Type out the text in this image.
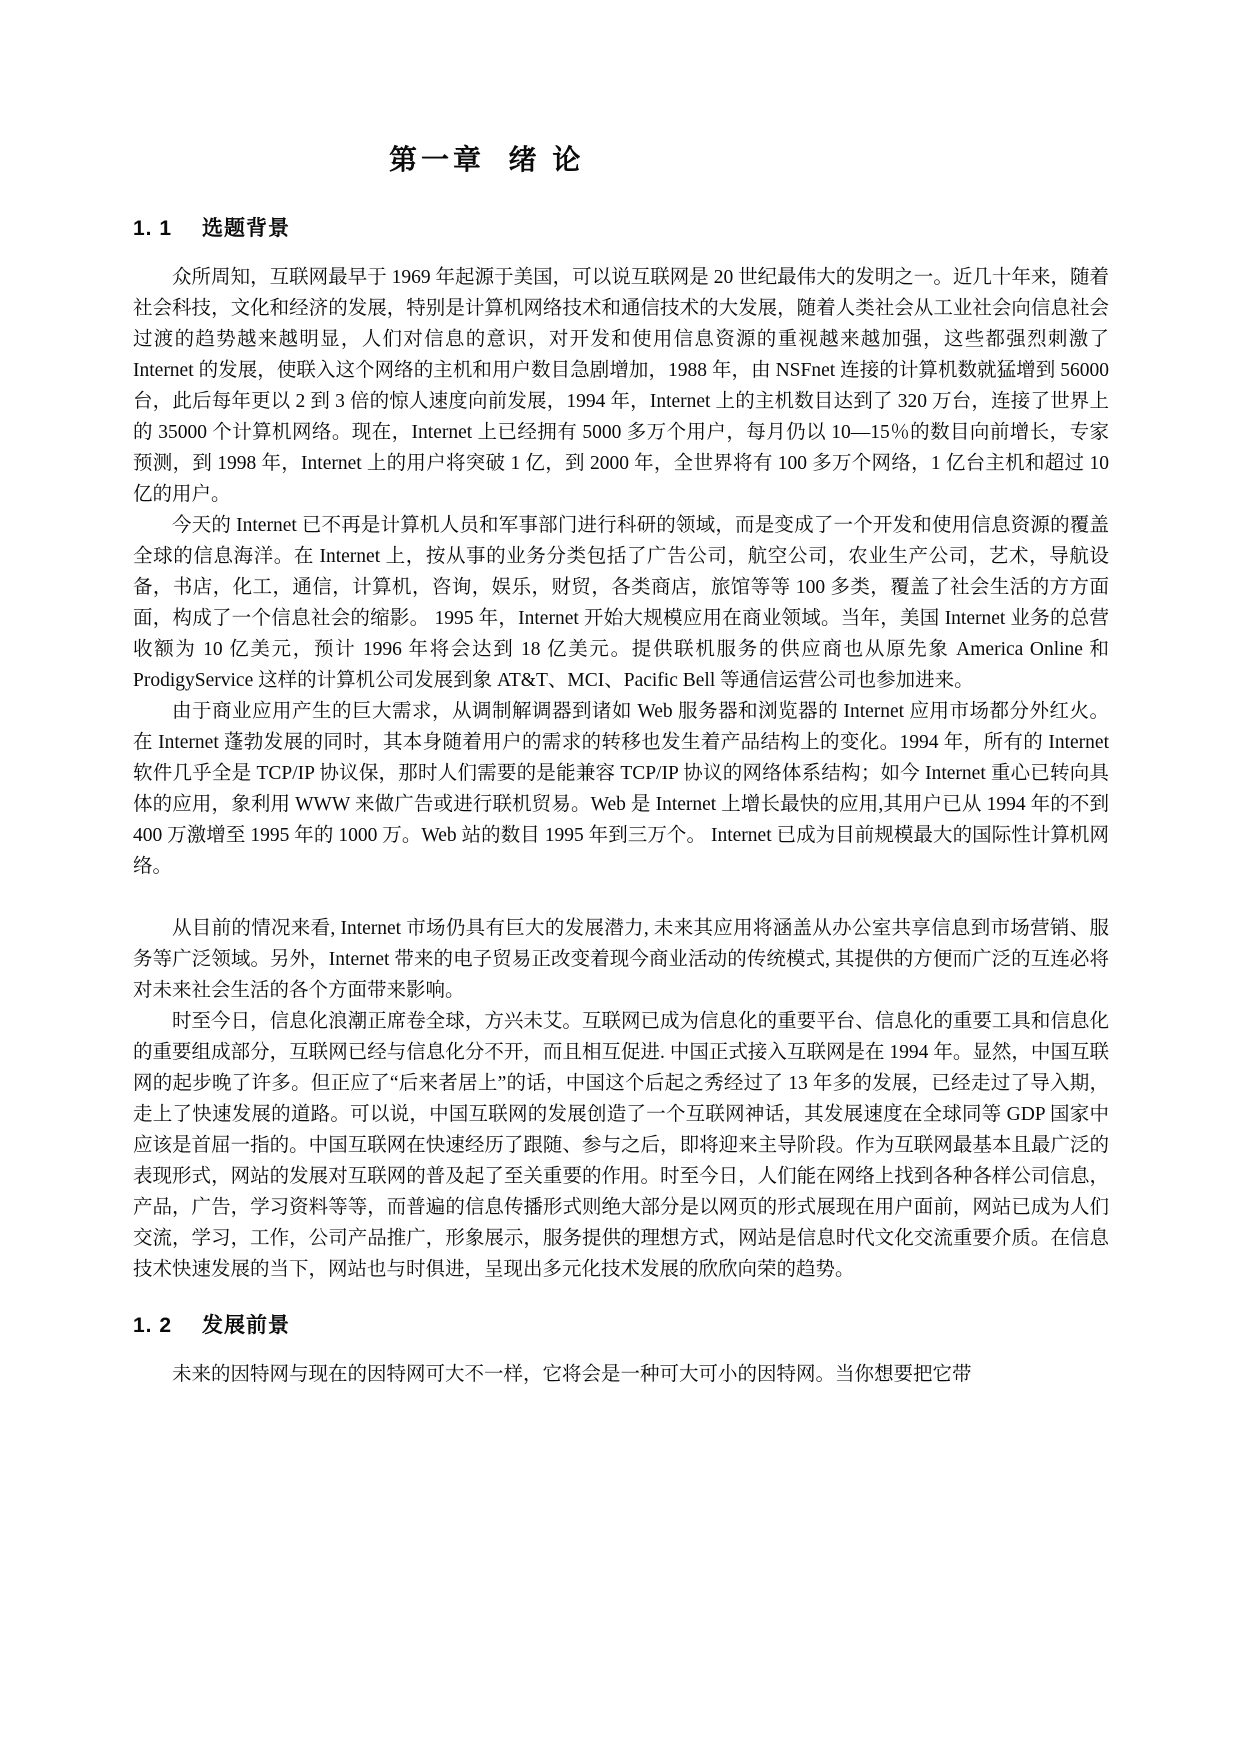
第一章  绪 论
1. 1 选题背景

众所周知，互联网最早于 1969 年起源于美国，可以说互联网是 20 世纪最伟大的发明之一。近几十年来，随着社会科技，文化和经济的发展，特别是计算机网络技术和通信技术的大发展，随着人类社会从工业社会向信息社会过渡的趋势越来越明显，人们对信息的意识，对开发和使用信息资源的重视越来越加强，这些都强烈刺激了 Internet 的发展，使联入这个网络的主机和用户数目急剧增加，1988 年，由 NSFnet 连接的计算机数就猛增到 56000 台，此后每年更以 2 到 3 倍的惊人速度向前发展，1994 年，Internet 上的主机数目达到了 320 万台，连接了世界上的 35000 个计算机网络。现在，Internet 上已经拥有 5000 多万个用户，每月仍以 10—15％的数目向前增长，专家预测，到 1998 年，Internet 上的用户将突破 1 亿，到 2000 年，全世界将有 100 多万个网络，1 亿台主机和超过 10 亿的用户。

今天的 Internet 已不再是计算机人员和军事部门进行科研的领域，而是变成了一个开发和使用信息资源的覆盖全球的信息海洋。在 Internet 上，按从事的业务分类包括了广告公司，航空公司，农业生产公司，艺术，导航设备，书店，化工，通信，计算机，咨询，娱乐，财贸，各类商店，旅馆等等 100 多类，覆盖了社会生活的方方面面，构成了一个信息社会的缩影。 1995 年，Internet 开始大规模应用在商业领域。当年，美国 Internet 业务的总营收额为 10 亿美元，预计 1996 年将会达到 18 亿美元。提供联机服务的供应商也从原先象 America Online 和 ProdigyService 这样的计算机公司发展到象 AT&T、MCI、Pacific Bell 等通信运营公司也参加进来。

由于商业应用产生的巨大需求，从调制解调器到诸如 Web 服务器和浏览器的 Internet 应用市场都分外红火。 在 Internet 蓬勃发展的同时，其本身随着用户的需求的转移也发生着产品结构上的变化。1994 年，所有的 Internet 软件几乎全是 TCP/IP 协议保，那时人们需要的是能兼容 TCP/IP 协议的网络体系结构；如今 Internet 重心已转向具体的应用，象利用 WWW 来做广告或进行联机贸易。Web 是 Internet 上增长最快的应用,其用户已从 1994 年的不到 400 万激增至 1995 年的 1000 万。Web 站的数目 1995 年到三万个。 Internet 已成为目前规模最大的国际性计算机网络。

从目前的情况来看, Internet 市场仍具有巨大的发展潜力, 未来其应用将涵盖从办公室共享信息到市场营销、服务等广泛领域。另外，Internet 带来的电子贸易正改变着现今商业活动的传统模式, 其提供的方便而广泛的互连必将对未来社会生活的各个方面带来影响。

时至今日，信息化浪潮正席卷全球，方兴未艾。互联网已成为信息化的重要平台、信息化的重要工具和信息化的重要组成部分，互联网已经与信息化分不开，而且相互促进. 中国正式接入互联网是在 1994 年。显然，中国互联网的起步晚了许多。但正应了“后来者居上”的话，中国这个后起之秀经过了 13 年多的发展，已经走过了导入期，走上了快速发展的道路。可以说，中国互联网的发展创造了一个互联网神话，其发展速度在全球同等 GDP 国家中应该是首屈一指的。中国互联网在快速经历了跟随、参与之后，即将迎来主导阶段。作为互联网最基本且最广泛的表现形式，网站的发展对互联网的普及起了至关重要的作用。时至今日，人们能在网络上找到各种各样公司信息，产品，广告，学习资料等等，而普遍的信息传播形式则绝大部分是以网页的形式展现在用户面前，网站已成为人们交流，学习，工作，公司产品推广，形象展示，服务提供的理想方式，网站是信息时代文化交流重要介质。在信息技术快速发展的当下，网站也与时俱进，呈现出多元化技术发展的欣欣向荣的趋势。

1. 2 发展前景

未来的因特网与现在的因特网可大不一样，它将会是一种可大可小的因特网。当你想要把它带
